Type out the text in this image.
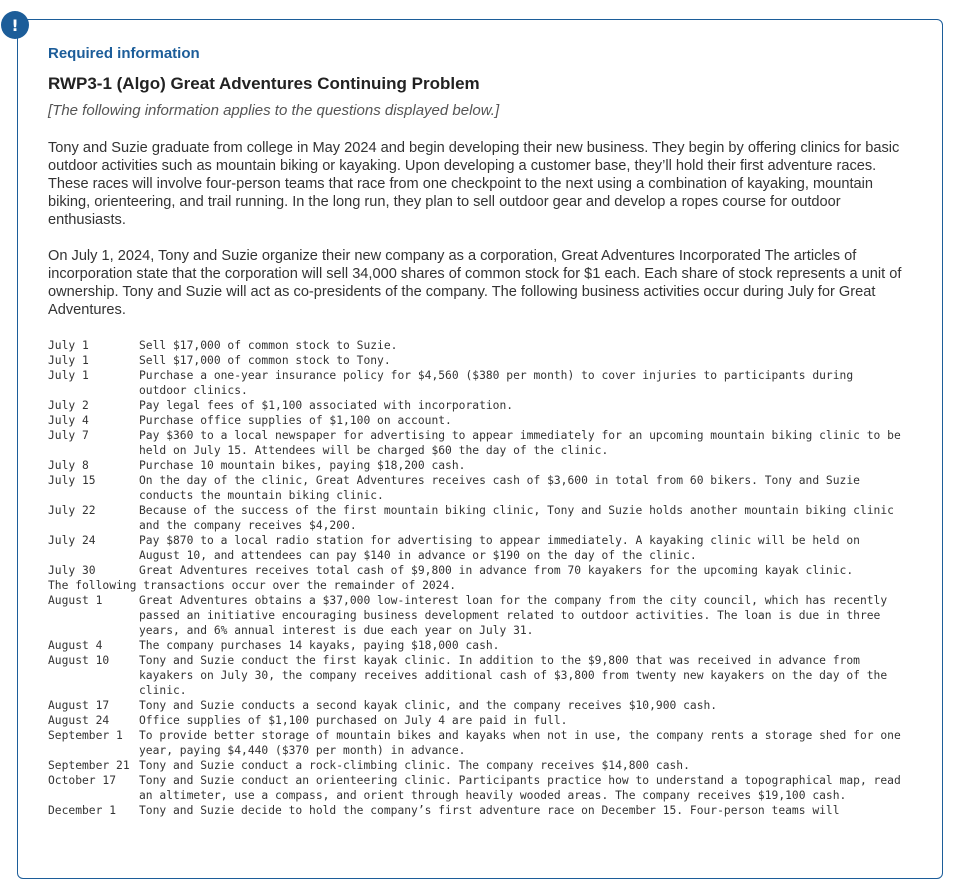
!
Required information
RWP3-1 (Algo) Great Adventures Continuing Problem
[The following information applies to the questions displayed below.]

Tony and Suzie graduate from college in May 2024 and begin developing their new business. They begin by offering clinics for basic outdoor activities such as mountain biking or kayaking. Upon developing a customer base, they’ll hold their first adventure races. These races will involve four-person teams that race from one checkpoint to the next using a combination of kayaking, mountain biking, orienteering, and trail running. In the long run, they plan to sell outdoor gear and develop a ropes course for outdoor enthusiasts.

On July 1, 2024, Tony and Suzie organize their new company as a corporation, Great Adventures Incorporated The articles of incorporation state that the corporation will sell 34,000 shares of common stock for $1 each. Each share of stock represents a unit of ownership. Tony and Suzie will act as co-presidents of the company. The following business activities occur during July for Great Adventures.

July 1	Sell $17,000 of common stock to Suzie.
July 1	Sell $17,000 of common stock to Tony.
July 1	Purchase a one-year insurance policy for $4,560 ($380 per month) to cover injuries to participants during outdoor clinics.
July 2	Pay legal fees of $1,100 associated with incorporation.
July 4	Purchase office supplies of $1,100 on account.
July 7	Pay $360 to a local newspaper for advertising to appear immediately for an upcoming mountain biking clinic to be held on July 15. Attendees will be charged $60 the day of the clinic.
July 8	Purchase 10 mountain bikes, paying $18,200 cash.
July 15	On the day of the clinic, Great Adventures receives cash of $3,600 in total from 60 bikers. Tony and Suzie conducts the mountain biking clinic.
July 22	Because of the success of the first mountain biking clinic, Tony and Suzie holds another mountain biking clinic and the company receives $4,200.
July 24	Pay $870 to a local radio station for advertising to appear immediately. A kayaking clinic will be held on August 10, and attendees can pay $140 in advance or $190 on the day of the clinic.
July 30	Great Adventures receives total cash of $9,800 in advance from 70 kayakers for the upcoming kayak clinic.
The following transactions occur over the remainder of 2024.
August 1	Great Adventures obtains a $37,000 low-interest loan for the company from the city council, which has recently passed an initiative encouraging business development related to outdoor activities. The loan is due in three years, and 6% annual interest is due each year on July 31.
August 4	The company purchases 14 kayaks, paying $18,000 cash.
August 10	Tony and Suzie conduct the first kayak clinic. In addition to the $9,800 that was received in advance from kayakers on July 30, the company receives additional cash of $3,800 from twenty new kayakers on the day of the clinic.
August 17	Tony and Suzie conducts a second kayak clinic, and the company receives $10,900 cash.
August 24	Office supplies of $1,100 purchased on July 4 are paid in full.
September 1	To provide better storage of mountain bikes and kayaks when not in use, the company rents a storage shed for one year, paying $4,440 ($370 per month) in advance.
September 21	Tony and Suzie conduct a rock-climbing clinic. The company receives $14,800 cash.
October 17	Tony and Suzie conduct an orienteering clinic. Participants practice how to understand a topographical map, read an altimeter, use a compass, and orient through heavily wooded areas. The company receives $19,100 cash.
December 1	Tony and Suzie decide to hold the company’s first adventure race on December 15. Four-person teams will
